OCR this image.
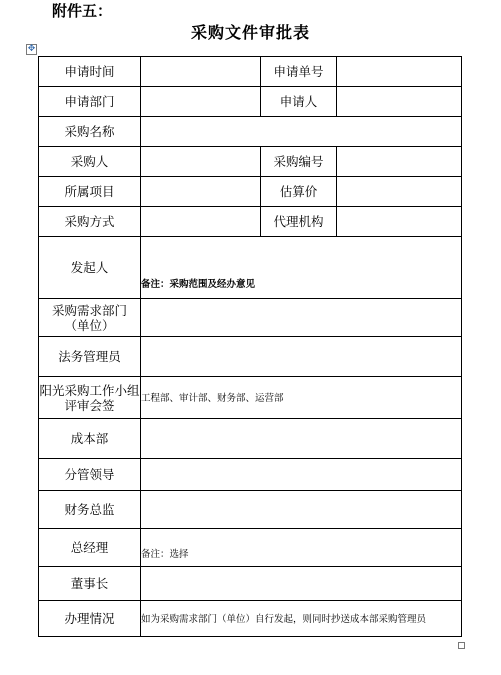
附件五：
采购文件审批表
✥
申请时间		申请单号	
申请部门		申请人	
采购名称			
采购人		采购编号	
所属项目		估算价	
采购方式		代理机构	
发起人	备注：采购范围及经办意见		

采购需求部门
（单位）			

法务管理员			

阳光采购工作小组
评审会签	工程部、审计部、财务部、运营部		
成本部			
分管领导			
财务总监			
总经理	备注：选择		
董事长			
办理情况	如为采购需求部门（单位）自行发起，则同时抄送成本部采购管理员		
